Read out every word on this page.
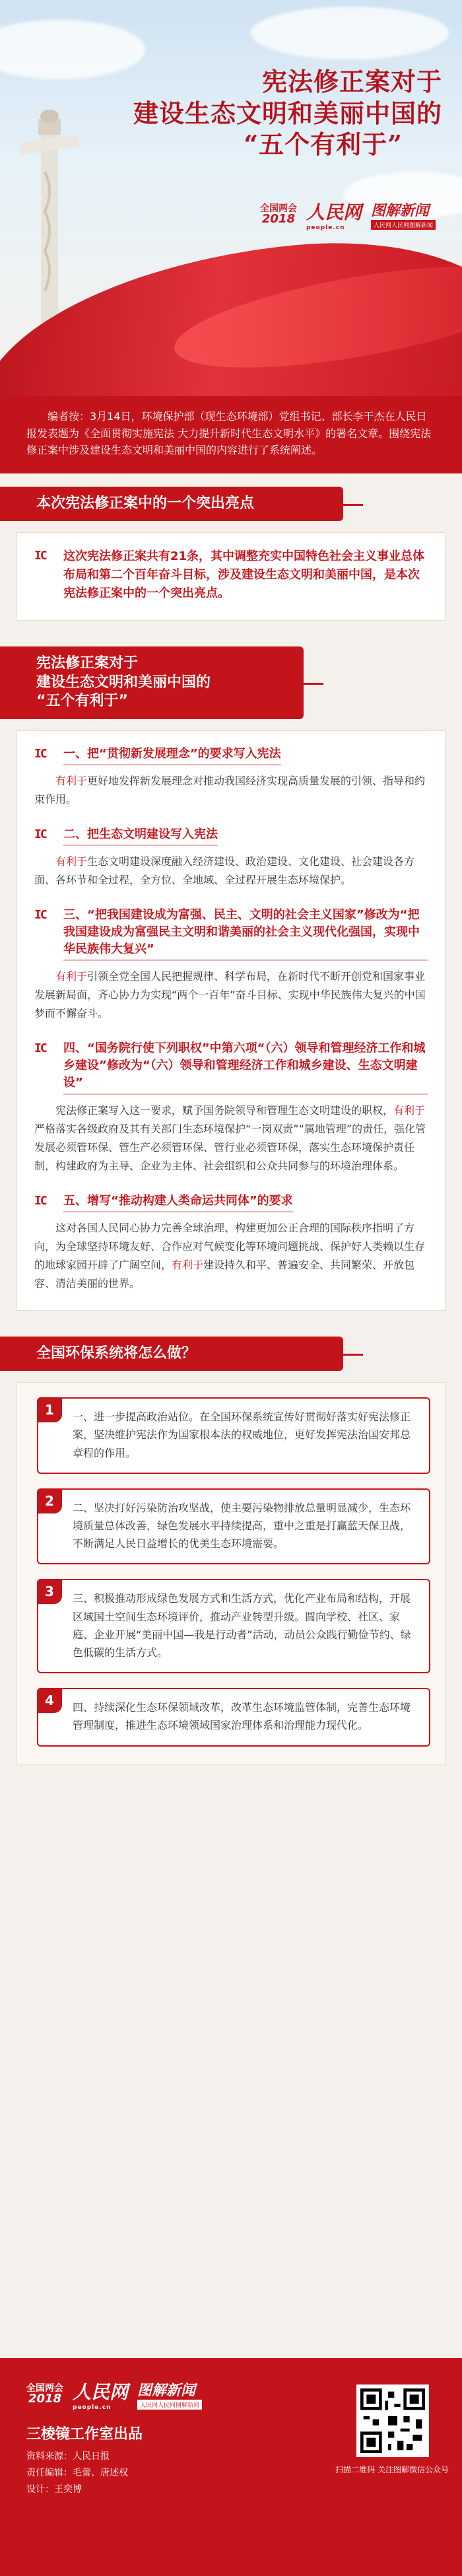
宪法修正案对于
建设生态文明和美丽中国的
“五个有利于”
全国两会
2018 人民网
people.cn
图解新闻
人民网人民网图解新闻
编者按：3月14日，环境保护部（现生态环境部）党组书记、部长李干杰在人民日报发表题为《全面贯彻实施宪法 大力提升新时代生态文明水平》的署名文章。围绕宪法修正案中涉及建设生态文明和美丽中国的内容进行了系统阐述。
本次宪法修正案中的一个突出亮点
IC	这次宪法修正案共有21条，其中调整充实中国特色社会主义事业总体布局和第二个百年奋斗目标，涉及建设生态文明和美丽中国，是本次宪法修正案中的一个突出亮点。
宪法修正案对于
建设生态文明和美丽中国的
“五个有利于”
IC	一、把“贯彻新发展理念”的要求写入宪法
有利于更好地发挥新发展理念对推动我国经济实现高质量发展的引领、指导和约束作用。
IC	二、把生态文明建设写入宪法
有利于生态文明建设深度融入经济建设、政治建设、文化建设、社会建设各方面、各环节和全过程，全方位、全地域、全过程开展生态环境保护。
IC	三、“把我国建设成为富强、民主、文明的社会主义国家”修改为“把我国建设成为富强民主文明和谐美丽的社会主义现代化强国，实现中华民族伟大复兴”
有利于引领全党全国人民把握规律、科学布局，在新时代不断开创党和国家事业发展新局面，齐心协力为实现“两个一百年”奋斗目标、实现中华民族伟大复兴的中国梦而不懈奋斗。
IC	四、“国务院行使下列职权”中第六项“（六）领导和管理经济工作和城乡建设”修改为“（六）领导和管理经济工作和城乡建设、生态文明建设”
宪法修正案写入这一要求，赋予国务院领导和管理生态文明建设的职权，有利于严格落实各级政府及其有关部门生态环境保护“一岗双责”“属地管理”的责任，强化管发展必须管环保、管生产必须管环保、管行业必须管环保，落实生态环境保护责任制，构建政府为主导、企业为主体、社会组织和公众共同参与的环境治理体系。
IC	五、增写“推动构建人类命运共同体”的要求
这对各国人民同心协力完善全球治理、构建更加公正合理的国际秩序指明了方向，为全球坚持环境友好、合作应对气候变化等环境问题挑战、保护好人类赖以生存的地球家园开辟了广阔空间，有利于建设持久和平、普遍安全、共同繁荣、开放包容、清洁美丽的世界。
全国环保系统将怎么做？
1	一、进一步提高政治站位。在全国环保系统宣传好贯彻好落实好宪法修正案，坚决维护宪法作为国家根本法的权威地位，更好发挥宪法治国安邦总章程的作用。
2	二、坚决打好污染防治攻坚战，使主要污染物排放总量明显减少，生态环境质量总体改善，绿色发展水平持续提高，重中之重是打赢蓝天保卫战，不断满足人民日益增长的优美生态环境需要。
3	三、积极推动形成绿色发展方式和生活方式，优化产业布局和结构，开展区域国土空间生态环境评价，推动产业转型升级。圆向学校、社区、家庭、企业开展“美丽中国—我是行动者”活动，动员公众践行勤俭节约、绿色低碳的生活方式。
4	四、持续深化生态环保领域改革，改革生态环境监管体制，完善生态环境管理制度，推进生态环境领域国家治理体系和治理能力现代化。
全国两会
2018 人民网
people.cn
图解新闻
人民网人民网图解新闻
三棱镜工作室出品
资料来源：人民日报
责任编辑：毛蕾、唐述权
设计：王奕博
扫描二维码 关注图解微信公众号
